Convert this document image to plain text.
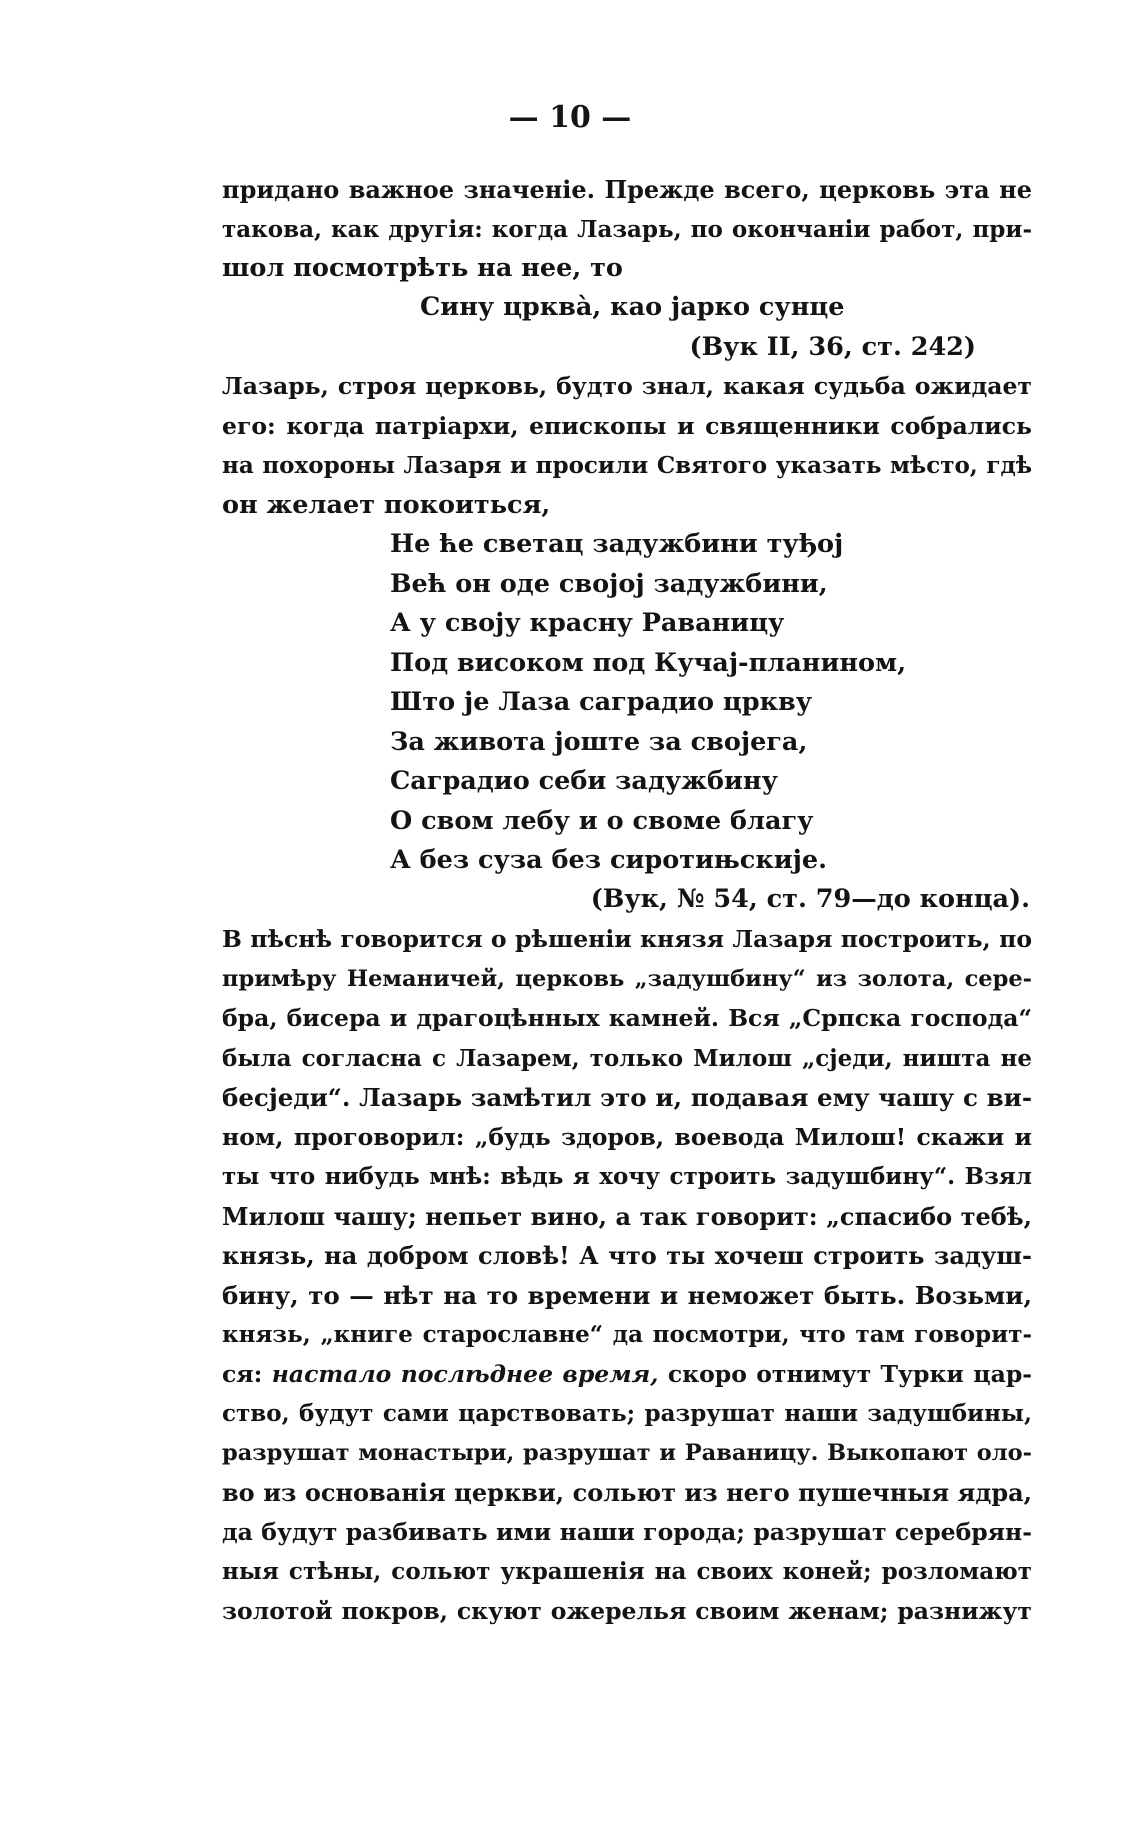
— 10 —
придано важное значеніе. Прежде всего, церковь эта не
такова, как другія: когда Лазарь, по окончаніи работ, при-
шол посмотрѣть на нее, то
Сину црква̀, као јарко сунце
(Вук II, 36, ст. 242)
Лазарь, строя церковь, будто знал, какая судьба ожидает
его: когда патріархи, епископы и священники собрались
на похороны Лазаря и просили Святого указать мѣсто, гдѣ
он желает покоиться,
Не ће светац задужбини туђој
Већ он оде својој задужбини,
А у своју красну Раваницу
Под високом под Кучај-планином,
Што је Лаза саградио цркву
За живота јоште за својега,
Саградио себи задужбину
О свом лебу и о своме благу
А без суза без сиротињскије.
(Вук, № 54, ст. 79—до конца).
В пѣснѣ говорится о рѣшеніи князя Лазаря построить, по
примѣру Неманичей, церковь „задушбину“ из золота, сере-
бра, бисера и драгоцѣнных камней. Вся „Српска господа“
была согласна с Лазарем, только Милош „сједи, ништа не
бесједи“. Лазарь замѣтил это и, подавая ему чашу с ви-
ном, проговорил: „будь здоров, воевода Милош! скажи и
ты что нибудь мнѣ: вѣдь я хочу строить задушбину“. Взял
Милош чашу; непьет вино, а так говорит: „спасибо тебѣ,
князь, на добром словѣ! А что ты хочеш строить задуш-
бину, то — нѣт на то времени и неможет быть. Возьми,
князь, „книге старославне“ да посмотри, что там говорит-
ся: настало послѣднее время, скоро отнимут Турки цар-
ство, будут сами царствовать; разрушат наши задушбины,
разрушат монастыри, разрушат и Раваницу. Выкопают оло-
во из основанія церкви, сольют из него пушечныя ядра,
да будут разбивать ими наши города; разрушат серебрян-
ныя стѣны, сольют украшенія на своих коней; розломают
золотой покров, скуют ожерелья своим женам; разнижут
